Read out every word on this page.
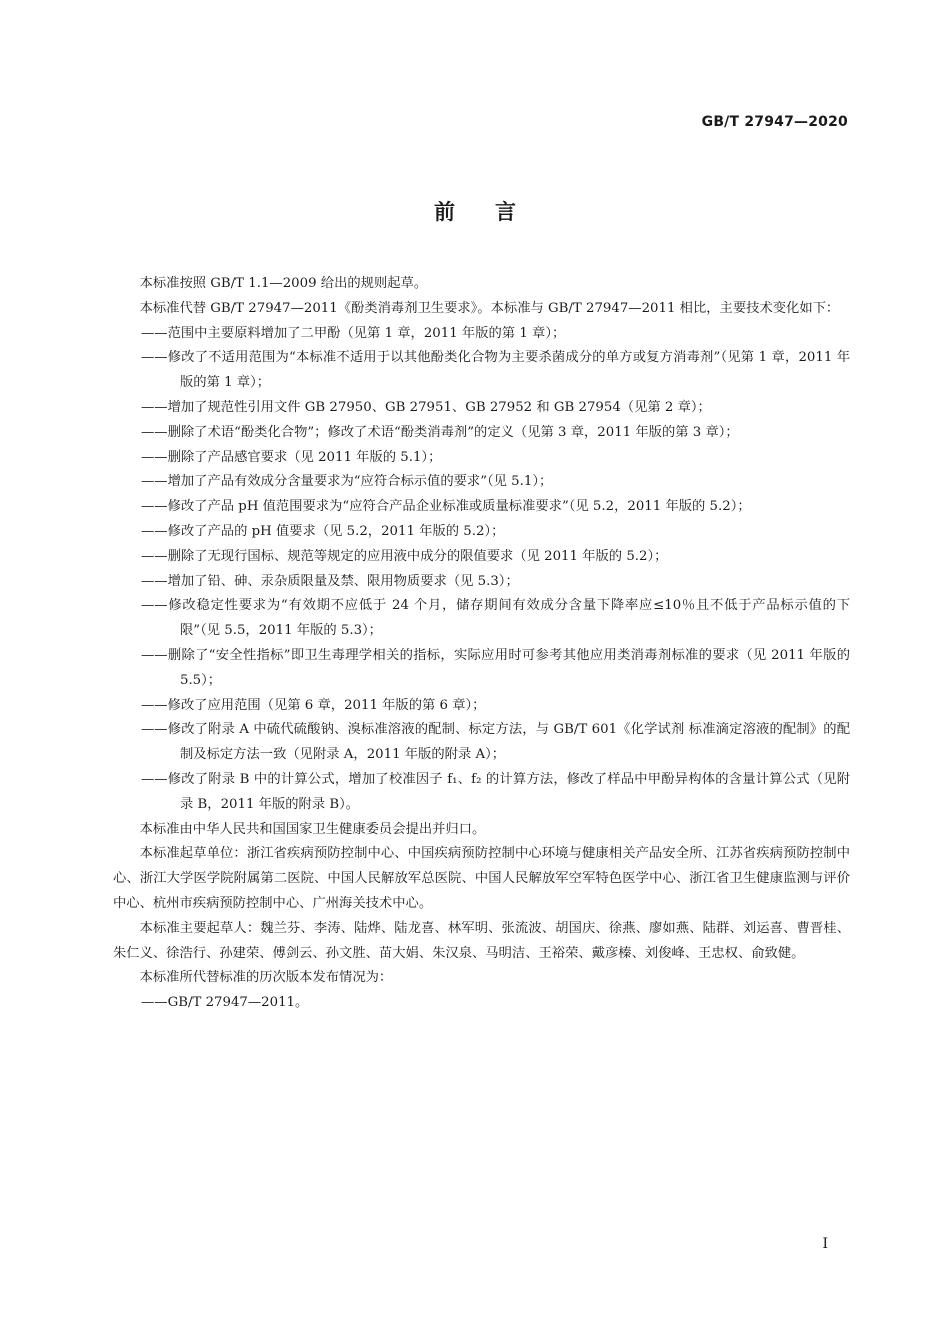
GB/T 27947—2020
前言

本标准按照 GB/T 1.1—2009 给出的规则起草。

本标准代替 GB/T 27947—2011《酚类消毒剂卫生要求》。本标准与 GB/T 27947—2011 相比，主要技术变化如下：

——范围中主要原料增加了二甲酚（见第 1 章，2011 年版的第 1 章）；

——修改了不适用范围为“本标准不适用于以其他酚类化合物为主要杀菌成分的单方或复方消毒剂”（见第 1 章，2011 年版的第 1 章）；

——增加了规范性引用文件 GB 27950、GB 27951、GB 27952 和 GB 27954（见第 2 章）；

——删除了术语“酚类化合物”；修改了术语“酚类消毒剂”的定义（见第 3 章，2011 年版的第 3 章）；

——删除了产品感官要求（见 2011 年版的 5.1）；

——增加了产品有效成分含量要求为“应符合标示值的要求”（见 5.1）；

——修改了产品 pH 值范围要求为“应符合产品企业标准或质量标准要求”（见 5.2，2011 年版的 5.2）；

——修改了产品的 pH 值要求（见 5.2，2011 年版的 5.2）；

——删除了无现行国标、规范等规定的应用液中成分的限值要求（见 2011 年版的 5.2）；

——增加了铅、砷、汞杂质限量及禁、限用物质要求（见 5.3）；

——修改稳定性要求为“有效期不应低于 24 个月，储存期间有效成分含量下降率应≤10％且不低于产品标示值的下限”（见 5.5，2011 年版的 5.3）；

——删除了“安全性指标”即卫生毒理学相关的指标，实际应用时可参考其他应用类消毒剂标准的要求（见 2011 年版的 5.5）；

——修改了应用范围（见第 6 章，2011 年版的第 6 章）；

——修改了附录 A 中硫代硫酸钠、溴标准溶液的配制、标定方法，与 GB/T 601《化学试剂 标准滴定溶液的配制》的配制及标定方法一致（见附录 A，2011 年版的附录 A）；

——修改了附录 B 中的计算公式，增加了校准因子 f₁、f₂ 的计算方法，修改了样品中甲酚异构体的含量计算公式（见附录 B，2011 年版的附录 B）。

本标准由中华人民共和国国家卫生健康委员会提出并归口。

本标准起草单位：浙江省疾病预防控制中心、中国疾病预防控制中心环境与健康相关产品安全所、江苏省疾病预防控制中心、浙江大学医学院附属第二医院、中国人民解放军总医院、中国人民解放军空军特色医学中心、浙江省卫生健康监测与评价中心、杭州市疾病预防控制中心、广州海关技术中心。

本标准主要起草人：魏兰芬、李涛、陆烨、陆龙喜、林军明、张流波、胡国庆、徐燕、廖如燕、陆群、刘运喜、曹晋桂、朱仁义、徐浩行、孙建荣、傅剑云、孙文胜、苗大娟、朱汉泉、马明洁、王裕荣、戴彦榛、刘俊峰、王忠权、俞致健。

本标准所代替标准的历次版本发布情况为：

——GB/T 27947—2011。

I
